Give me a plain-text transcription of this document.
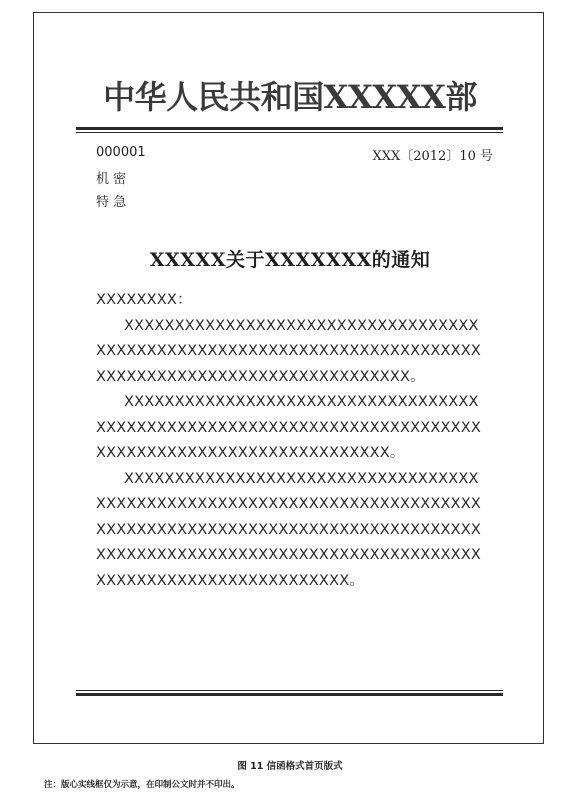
中华人民共和国XXXXX部
000001
机 密
特 急
XXX〔2012〕10 号
XXXXX关于XXXXXXX的通知

XXXXXXXX：

XXXXXXXXXXXXXXXXXXXXXXXXXXXXXXXXXXXXXXXXXXXXXXXXXXXXXXXXXXXXXXXXXXXXXXXXXXXXXXXXXXXXXXXXXXXXXXXXXXXXXXXX。

XXXXXXXXXXXXXXXXXXXXXXXXXXXXXXXXXXXXXXXXXXXXXXXXXXXXXXXXXXXXXXXXXXXXXXXXXXXXXXXXXXXXXXXXXXXXXXXXXXXXXX。

XXXXXXXXXXXXXXXXXXXXXXXXXXXXXXXXXXXXXXXXXXXXXXXXXXXXXXXXXXXXXXXXXXXXXXXXXXXXXXXXXXXXXXXXXXXXXXXXXXXXXXXXXXXXXXXXXXXXXXXXXXXXXXXXXXXXXXXXXXXXXXXXXXXXXXXXXXXXXXXXXXXXXXXXXXXXXX。

图 11 信函格式首页版式
注：版心实线框仅为示意，在印制公文时并不印出。
